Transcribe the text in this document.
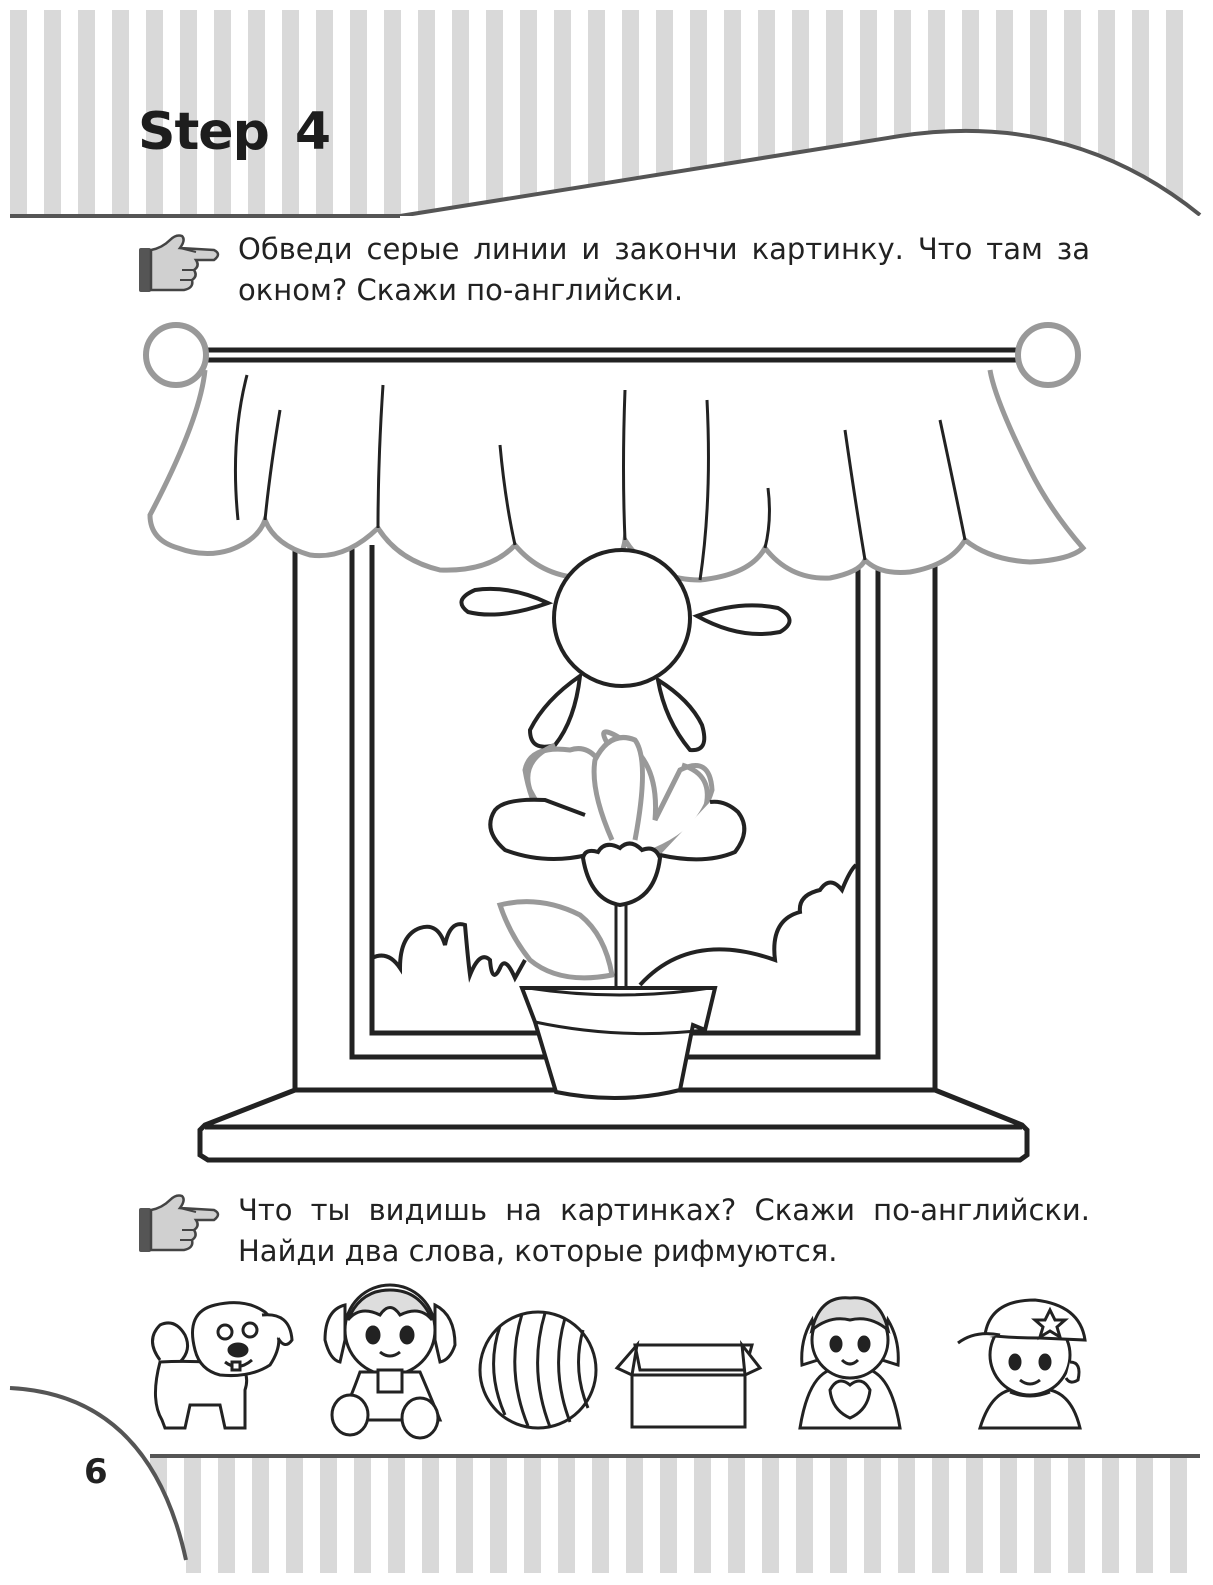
Step 4

Обведи серые линии и закончи картинку. Что там за окном? Скажи по-английски.

Что ты видишь на картинках? Скажи по-английски. Найди два слова, которые рифмуются.

6
